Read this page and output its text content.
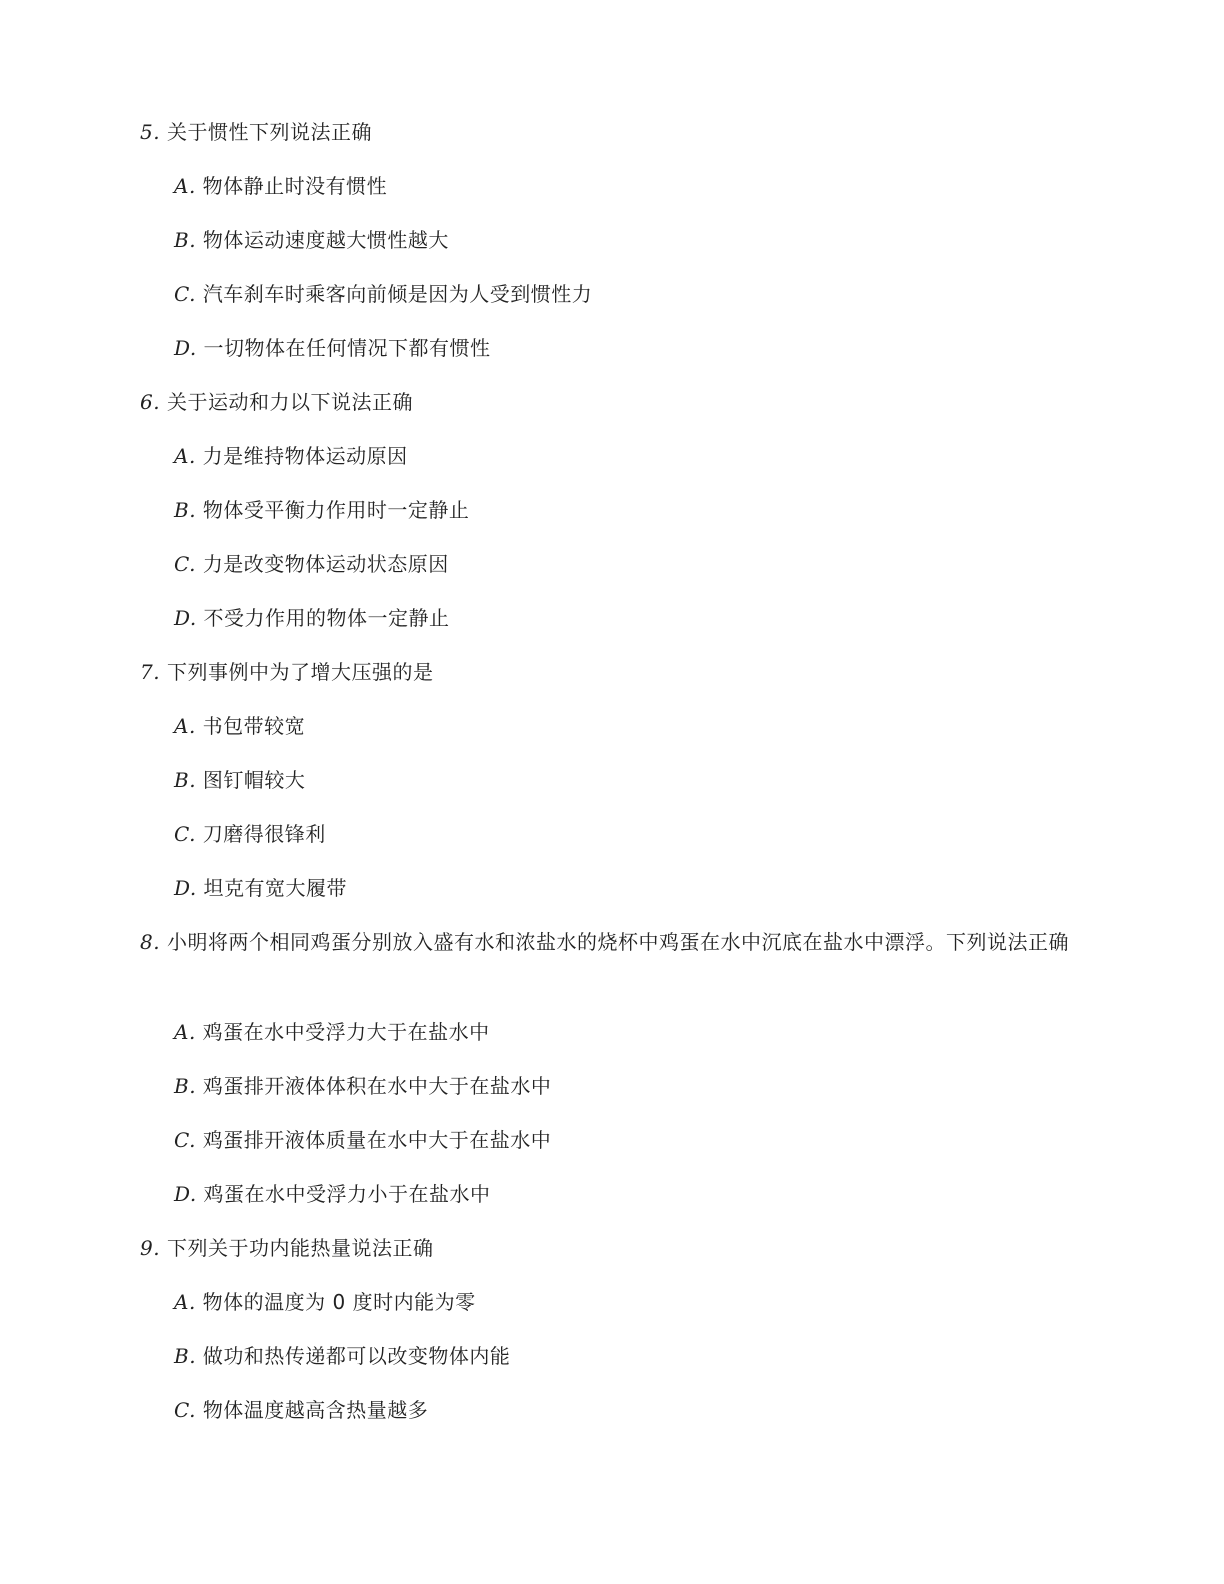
5. 关于惯性下列说法正确
A. 物体静止时没有惯性
B. 物体运动速度越大惯性越大
C. 汽车刹车时乘客向前倾是因为人受到惯性力
D. 一切物体在任何情况下都有惯性
6. 关于运动和力以下说法正确
A. 力是维持物体运动原因
B. 物体受平衡力作用时一定静止
C. 力是改变物体运动状态原因
D. 不受力作用的物体一定静止
7. 下列事例中为了增大压强的是
A. 书包带较宽
B. 图钉帽较大
C. 刀磨得很锋利
D. 坦克有宽大履带
8. 小明将两个相同鸡蛋分别放入盛有水和浓盐水的烧杯中鸡蛋在水中沉底在盐水中漂浮。下列说法正确
A. 鸡蛋在水中受浮力大于在盐水中
B. 鸡蛋排开液体体积在水中大于在盐水中
C. 鸡蛋排开液体质量在水中大于在盐水中
D. 鸡蛋在水中受浮力小于在盐水中
9. 下列关于功内能热量说法正确
A. 物体的温度为 0 度时内能为零
B. 做功和热传递都可以改变物体内能
C. 物体温度越高含热量越多
